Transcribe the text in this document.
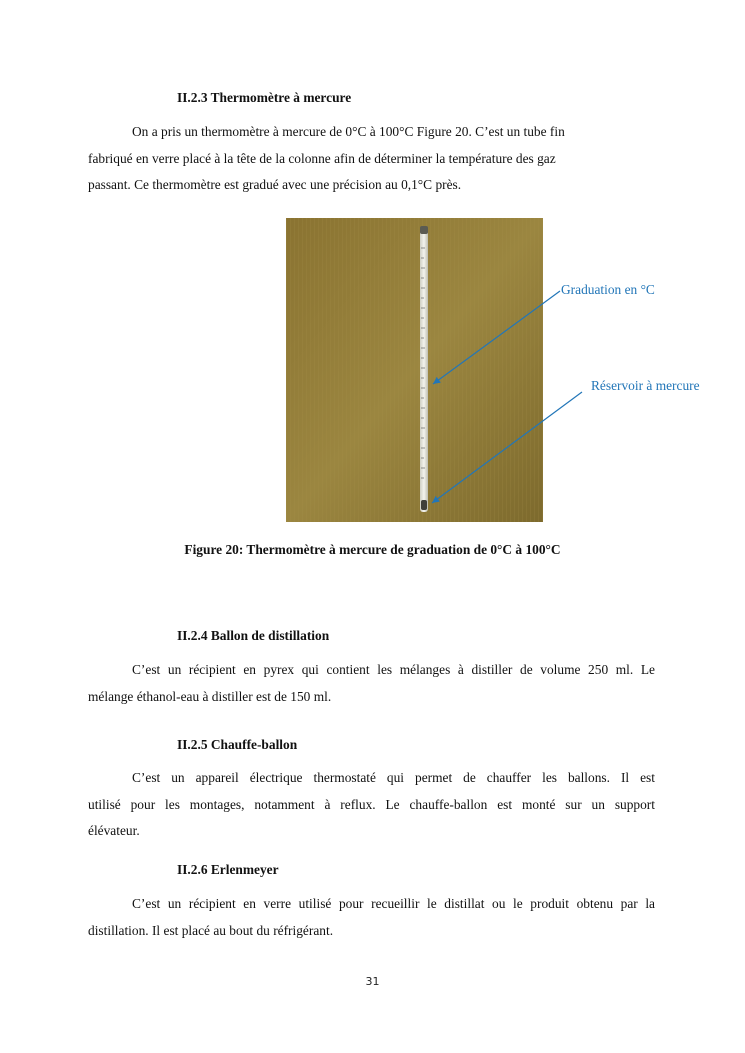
II.2.3 Thermomètre à mercure
On a pris un thermomètre à mercure de 0°C à 100°C Figure 20. C’est un tube fin
fabriqué en verre placé à la tête de la colonne afin de déterminer la température des gaz
passant. Ce thermomètre est gradué avec une précision au 0,1°C près.
Graduation en °C
Réservoir à mercure
Figure 20: Thermomètre à mercure de graduation de 0°C à 100°C
II.2.4 Ballon de distillation
C’est un récipient en pyrex qui contient les mélanges à distiller de volume 250 ml. Le
mélange éthanol-eau à distiller est de 150 ml.
II.2.5 Chauffe-ballon
C’est un appareil électrique thermostaté qui permet de chauffer les ballons. Il est
utilisé pour les montages, notamment à reflux. Le chauffe-ballon est monté sur un support
élévateur.
II.2.6 Erlenmeyer
C’est un récipient en verre utilisé pour recueillir le distillat ou le produit obtenu par la
distillation. Il est placé au bout du réfrigérant.
31
